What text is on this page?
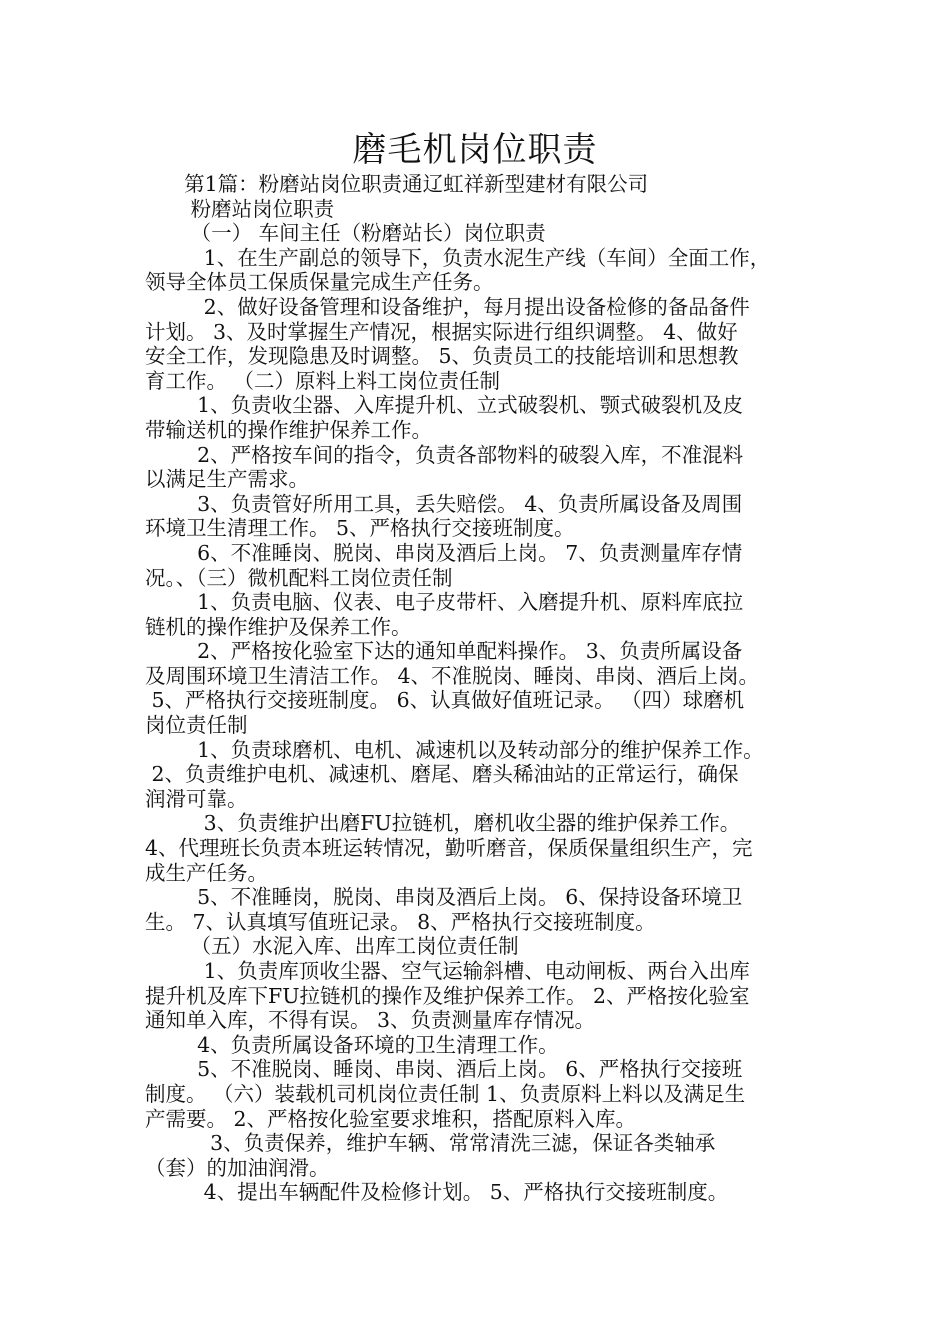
磨毛机岗位职责
第1篇：粉磨站岗位职责通辽虹祥新型建材有限公司
粉磨站岗位职责
（一） 车间主任（粉磨站长）岗位职责
1、在生产副总的领导下，负责水泥生产线（车间）全面工作，
领导全体员工保质保量完成生产任务。
2、做好设备管理和设备维护，每月提出设备检修的备品备件
计划。 3、及时掌握生产情况，根据实际进行组织调整。 4、做好
安全工作，发现隐患及时调整。 5、负责员工的技能培训和思想教
育工作。 （二）原料上料工岗位责任制
1、负责收尘器、入库提升机、立式破裂机、颚式破裂机及皮
带输送机的操作维护保养工作。
2、严格按车间的指令，负责各部物料的破裂入库，不准混料
以满足生产需求。
3、负责管好所用工具，丢失赔偿。 4、负责所属设备及周围
环境卫生清理工作。 5、严格执行交接班制度。
6、不准睡岗、脱岗、串岗及酒后上岗。 7、负责测量库存情
况。、（三）微机配料工岗位责任制
1、负责电脑、仪表、电子皮带杆、入磨提升机、原料库底拉
链机的操作维护及保养工作。
2、严格按化验室下达的通知单配料操作。 3、负责所属设备
及周围环境卫生清洁工作。 4、不准脱岗、睡岗、串岗、酒后上岗。
5、严格执行交接班制度。 6、认真做好值班记录。 （四）球磨机
岗位责任制
1、负责球磨机、电机、减速机以及转动部分的维护保养工作。
2、负责维护电机、减速机、磨尾、磨头稀油站的正常运行，确保
润滑可靠。
3、负责维护出磨FU拉链机，磨机收尘器的维护保养工作。
4、代理班长负责本班运转情况，勤听磨音，保质保量组织生产，完
成生产任务。
5、不准睡岗，脱岗、串岗及酒后上岗。 6、保持设备环境卫
生。 7、认真填写值班记录。 8、严格执行交接班制度。
（五）水泥入库、出库工岗位责任制
1、负责库顶收尘器、空气运输斜槽、电动闸板、两台入出库
提升机及库下FU拉链机的操作及维护保养工作。 2、严格按化验室
通知单入库，不得有误。 3、负责测量库存情况。
4、负责所属设备环境的卫生清理工作。
5、不准脱岗、睡岗、串岗、酒后上岗。 6、严格执行交接班
制度。 （六）装载机司机岗位责任制 1、负责原料上料以及满足生
产需要。 2、严格按化验室要求堆积，搭配原料入库。
3、负责保养，维护车辆、常常清洗三滤，保证各类轴承
（套）的加油润滑。
4、提出车辆配件及检修计划。 5、严格执行交接班制度。
